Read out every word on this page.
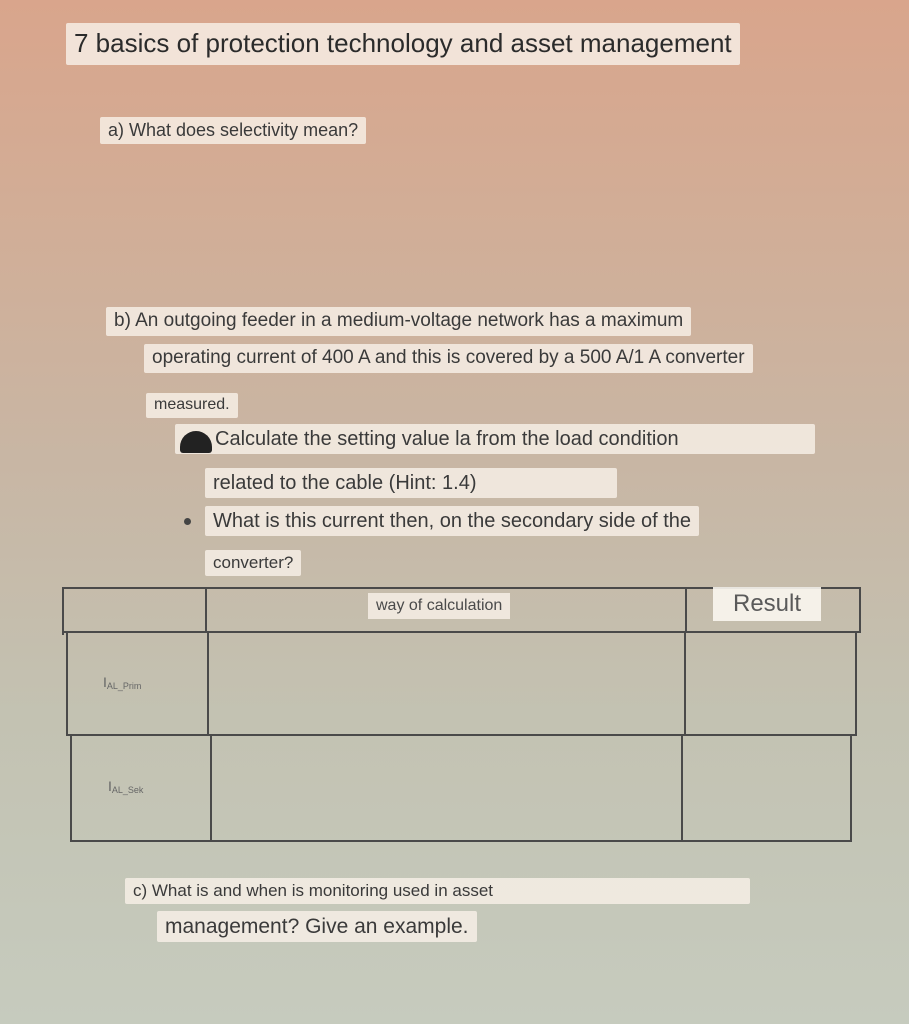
7 basics of protection technology and asset management
a) What does selectivity mean?
b) An outgoing feeder in a medium-voltage network has a maximum
operating current of 400 A and this is covered by a 500 A/1 A converter
measured.
Calculate the setting value la from the load condition
related to the cable (Hint: 1.4)
What is this current then, on the secondary side of the
converter?
way of calculation	Result
IAL_Prim
IAL_Sek
c) What is and when is monitoring used in asset
management? Give an example.
